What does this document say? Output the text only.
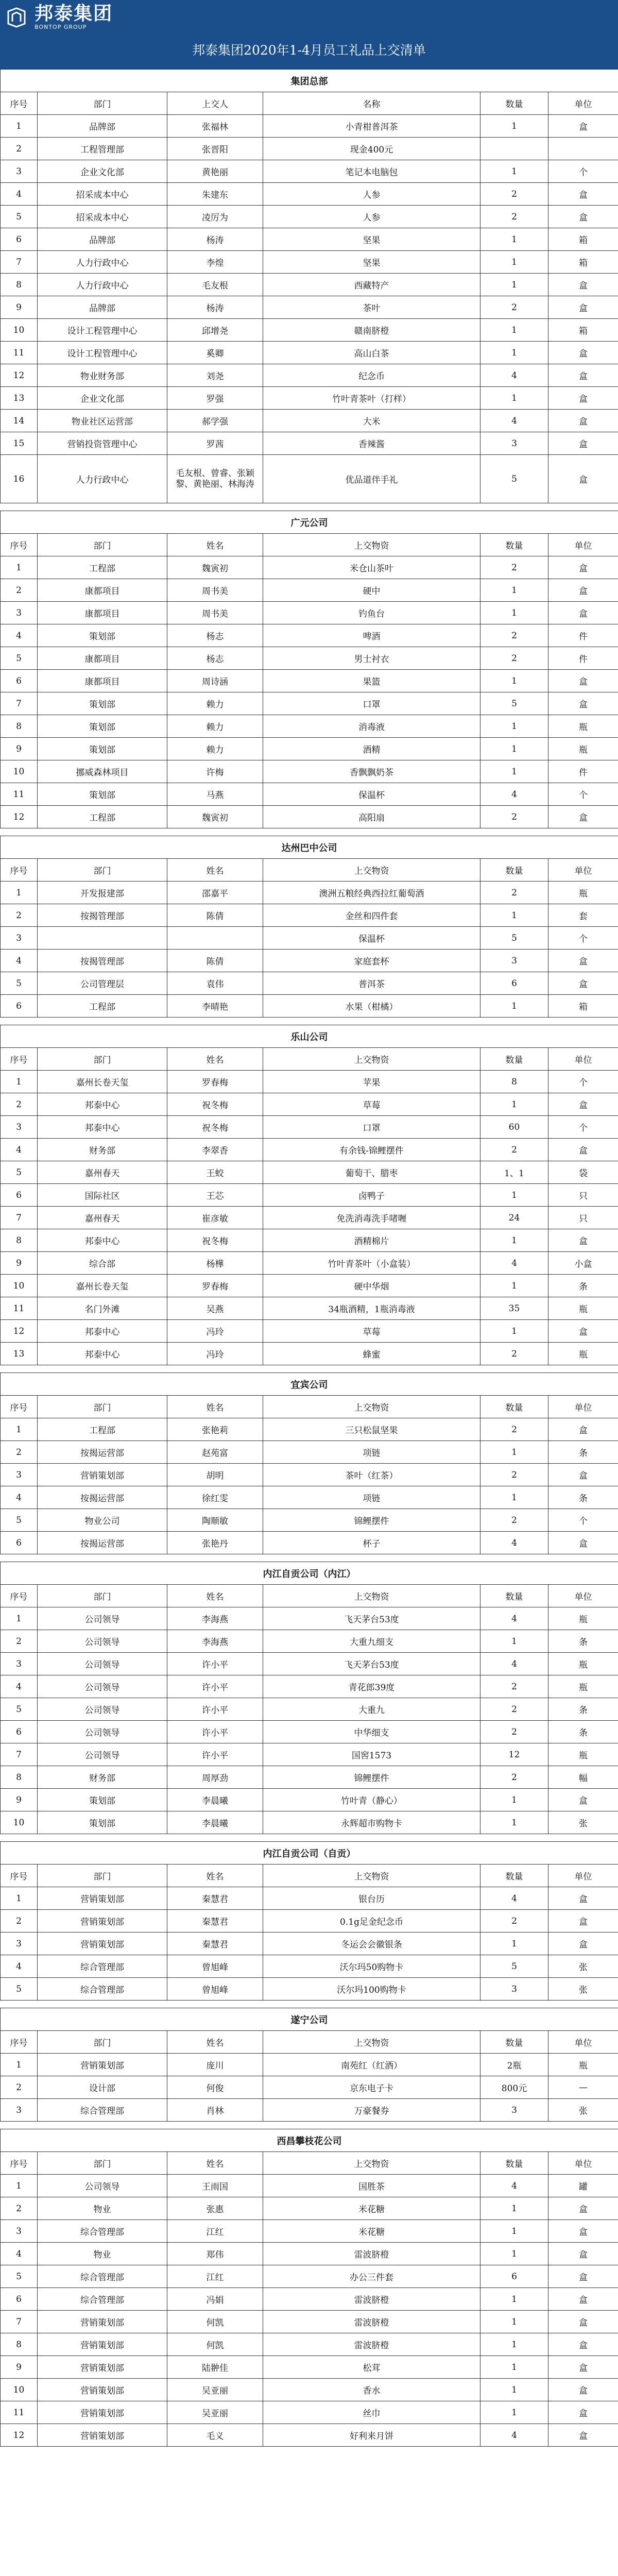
邦泰集团
BONTOP GROUP
邦泰集团2020年1-4月员工礼品上交清单
集团总部					
序号	部门	上交人	名称	数量	单位
1	品牌部	张福林	小青柑普洱茶	1	盒
2	工程管理部	张晋阳	现金400元		
3	企业文化部	黄艳丽	笔记本电脑包	1	个
4	招采成本中心	朱建东	人参	2	盒
5	招采成本中心	凌厉为	人参	2	盒
6	品牌部	杨涛	坚果	1	箱
7	人力行政中心	李煌	坚果	1	箱
8	人力行政中心	毛友根	西藏特产	1	盒
9	品牌部	杨涛	茶叶	2	盒
10	设计工程管理中心	邱增尧	赣南脐橙	1	箱
11	设计工程管理中心	奚卿	高山白茶	1	盒
12	物业财务部	刘尧	纪念币	4	盒
13	企业文化部	罗强	竹叶青茶叶（打样）	1	盒
14	物业社区运营部	郝学强	大米	4	盒
15	营销投资管理中心	罗茜	香辣酱	3	盒
16	人力行政中心	毛友根、曾睿、张颖黎、黄艳丽、林海涛	优品道伴手礼	5	盒

广元公司					
序号	部门	姓名	上交物资	数量	单位
1	工程部	魏寅初	米仓山茶叶	2	盒
2	康都项目	周书美	硬中	1	盒
3	康都项目	周书美	钓鱼台	1	盒
4	策划部	杨志	啤酒	2	件
5	康都项目	杨志	男士衬衣	2	件
6	康都项目	周诗涵	果篮	1	盒
7	策划部	赖力	口罩	5	盒
8	策划部	赖力	消毒液	1	瓶
9	策划部	赖力	酒精	1	瓶
10	挪威森林项目	许梅	香飘飘奶茶	1	件
11	策划部	马燕	保温杯	4	个
12	工程部	魏寅初	高阳扇	2	盒

达州巴中公司					
序号	部门	姓名	上交物资	数量	单位
1	开发报建部	邵嘉平	澳洲五粮经典西拉红葡萄酒	2	瓶
2	按揭管理部	陈倩	金丝和四件套	1	套
3			保温杯	5	个
4	按揭管理部	陈倩	家庭套杯	3	盒
5	公司管理层	袁伟	普洱茶	6	盒
6	工程部	李晴艳	水果（柑橘）	1	箱

乐山公司					
序号	部门	姓名	上交物资	数量	单位
1	嘉州长卷天玺	罗春梅	苹果	8	个
2	邦泰中心	祝冬梅	草莓	1	盒
3	邦泰中心	祝冬梅	口罩	60	个
4	财务部	李翠香	有余钱-锦鲤摆件	2	盒
5	嘉州春天	王蛟	葡萄干、腊枣	1、1	袋
6	国际社区	王芯	卤鸭子	1	只
7	嘉州春天	崔彦敏	免洗消毒洗手啫喱	24	只
8	邦泰中心	祝冬梅	酒精棉片	1	盒
9	综合部	杨樺	竹叶青茶叶（小盒装）	4	小盒
10	嘉州长卷天玺	罗春梅	硬中华烟	1	条
11	名门外滩	吴燕	34瓶酒精，1瓶消毒液	35	瓶
12	邦泰中心	冯玲	草莓	1	盒
13	邦泰中心	冯玲	蜂蜜	2	瓶

宜宾公司					
序号	部门	姓名	上交物资	数量	单位
1	工程部	张艳莉	三只松鼠坚果	2	盒
2	按揭运营部	赵苑富	项链	1	条
3	营销策划部	胡明	茶叶（红茶）	2	盒
4	按揭运营部	徐红雯	项链	1	条
5	物业公司	陶顺敏	锦鲤摆件	2	个
6	按揭运营部	张艳丹	杯子	4	盒

内江自贡公司（内江）					
序号	部门	姓名	上交物资	数量	单位
1	公司领导	李海燕	飞天茅台53度	4	瓶
2	公司领导	李海燕	大重九细支	1	条
3	公司领导	许小平	飞天茅台53度	4	瓶
4	公司领导	许小平	青花郎39度	2	瓶
5	公司领导	许小平	大重九	2	条
6	公司领导	许小平	中华细支	2	条
7	公司领导	许小平	国窖1573	12	瓶
8	财务部	周厚劲	锦鲤摆件	2	幅
9	策划部	李晨曦	竹叶青（静心）	1	盒
10	策划部	李晨曦	永辉超市购物卡	1	张

内江自贡公司（自贡）					
序号	部门	姓名	上交物资	数量	单位
1	营销策划部	秦慧君	银台历	4	盒
2	营销策划部	秦慧君	0.1g足金纪念币	2	盒
3	营销策划部	秦慧君	冬运会会徽银条	1	盒
4	综合管理部	曾旭峰	沃尔玛50购物卡	5	张
5	综合管理部	曾旭峰	沃尔玛100购物卡	3	张

遂宁公司					
序号	部门	姓名	上交物资	数量	单位
1	营销策划部	庞川	南苑红（红酒）	2瓶	瓶
2	设计部	何俊	京东电子卡	800元	—
3	综合管理部	肖林	万豪餐券	3	张

西昌攀枝花公司					
序号	部门	姓名	上交物资	数量	单位
1	公司领导	王雨国	国胜茶	4	罐
2	物业	张惠	米花糖	1	盒
3	综合管理部	江红	米花糖	1	盒
4	物业	郑伟	雷波脐橙	1	盒
5	综合管理部	江红	办公三件套	6	盒
6	综合管理部	冯娟	雷波脐橙	1	盒
7	营销策划部	何凯	雷波脐橙	1	盒
8	营销策划部	何凯	雷波脐橙	1	盒
9	营销策划部	陆翀佳	松茸	1	盒
10	营销策划部	吴亚丽	香水	1	盒
11	营销策划部	吴亚丽	丝巾	1	盒
12	营销策划部	毛义	好利来月饼	4	盒
